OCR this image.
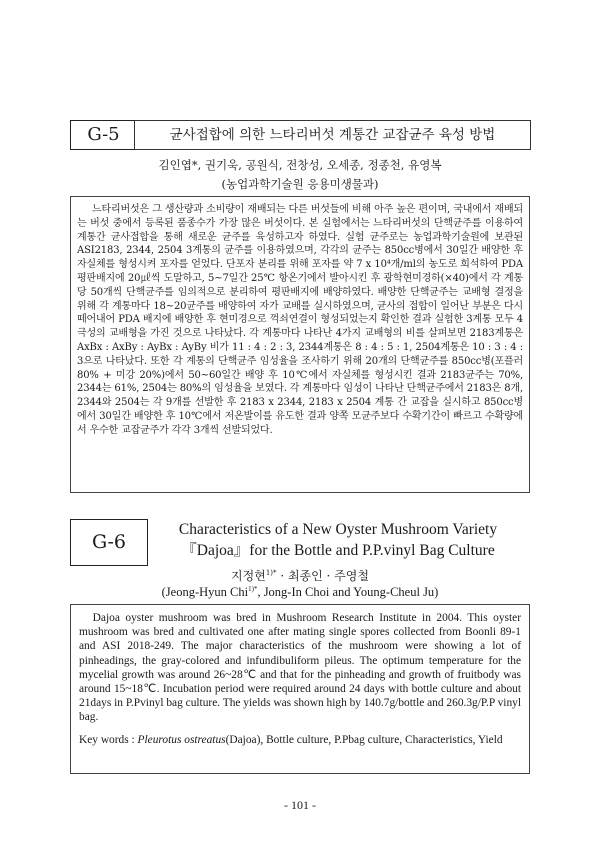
G-5	균사접합에 의한 느타리버섯 계통간 교잡균주 육성 방법
김인엽*, 권기욱, 공원식, 전창성, 오세종, 정종천, 유영복
(농업과학기술원 응용미생물과)

느타리버섯은 그 생산량과 소비량이 재배되는 다른 버섯들에 비해 아주 높은 편이며, 국내에서 재배되는 버섯 중에서 등록된 품종수가 가장 많은 버섯이다. 본 실험에서는 느타리버섯의 단핵균주를 이용하여 계통간 균사접합을 통해 새로운 균주를 육성하고자 하였다. 실험 균주로는 농업과학기술원에 보관된 ASI2183, 2344, 2504 3계통의 균주를 이용하였으며, 각각의 균주는 850cc병에서 30일간 배양한 후 자실체를 형성시켜 포자를 얻었다. 단포자 분리를 위해 포자를 약 7 x 10⁴개/ml의 농도로 희석하여 PDA 평판배지에 20㎕씩 도말하고, 5~7일간 25℃ 항온기에서 발아시킨 후 광학현미경하(×40)에서 각 계통 당 50개씩 단핵균주를 임의적으로 분리하여 평판배지에 배양하였다. 배양한 단핵균주는 교배형 결정을 위해 각 계통마다 18~20균주를 배양하여 자가 교배를 실시하였으며, 균사의 접합이 일어난 부분은 다시 떼어내어 PDA 배지에 배양한 후 현미경으로 꺽쇠연결이 형성되었는지 확인한 결과 실험한 3계통 모두 4극성의 교배형을 가진 것으로 나타났다. 각 계통마다 나타난 4가지 교배형의 비를 살펴보면 2183계통은 AxBx : AxBy : AyBx : AyBy 비가 11 : 4 : 2 : 3, 2344계통은 8 : 4 : 5 : 1, 2504계통은 10 : 3 : 4 : 3으로 나타났다. 또한 각 계통의 단핵균주 임성율을 조사하기 위해 20개의 단핵균주를 850cc병(포플러 80% + 미강 20%)에서 50~60일간 배양 후 10℃에서 자실체를 형성시킨 결과 2183균주는 70%, 2344는 61%, 2504는 80%의 임성율을 보였다. 각 계통마다 임성이 나타난 단핵균주에서 2183은 8개, 2344와 2504는 각 9개를 선발한 후 2183 x 2344, 2183 x 2504 계통 간 교잡을 실시하고 850cc병에서 30일간 배양한 후 10℃에서 저온발이를 유도한 결과 양쪽 모균주보다 수확기간이 빠르고 수확량에서 우수한 교잡균주가 각각 3개씩 선발되었다.

G-6
Characteristics of a New Oyster Mushroom Variety
『Dajoa』for the Bottle and P.P.vinyl Bag Culture
지정현$^{1)*}$ · 최종인 · 주영철
(Jeong-Hyun Chi$^{1)*}$, Jong-In Choi and Young-Cheul Ju)

Dajoa oyster mushroom was bred in Mushroom Research Institute in 2004. This oyster mushroom was bred and cultivated one after mating single spores collected from Boonli 89-1 and ASI 2018-249. The major characteristics of the mushroom were showing a lot of pinheadings, the gray-colored and infundibuliform pileus. The optimum temperature for the mycelial growth was around 26~28℃ and that for the pinheading and growth of fruitbody was around 15~18℃. Incubation period were required around 24 days with bottle culture and about 21days in P.Pvinyl bag culture. The yields was shown high by 140.7g/bottle and 260.3g/P.P vinyl bag.

Key words : Pleurotus ostreatus(Dajoa), Bottle culture, P.Pbag culture, Characteristics, Yield

- 101 -
